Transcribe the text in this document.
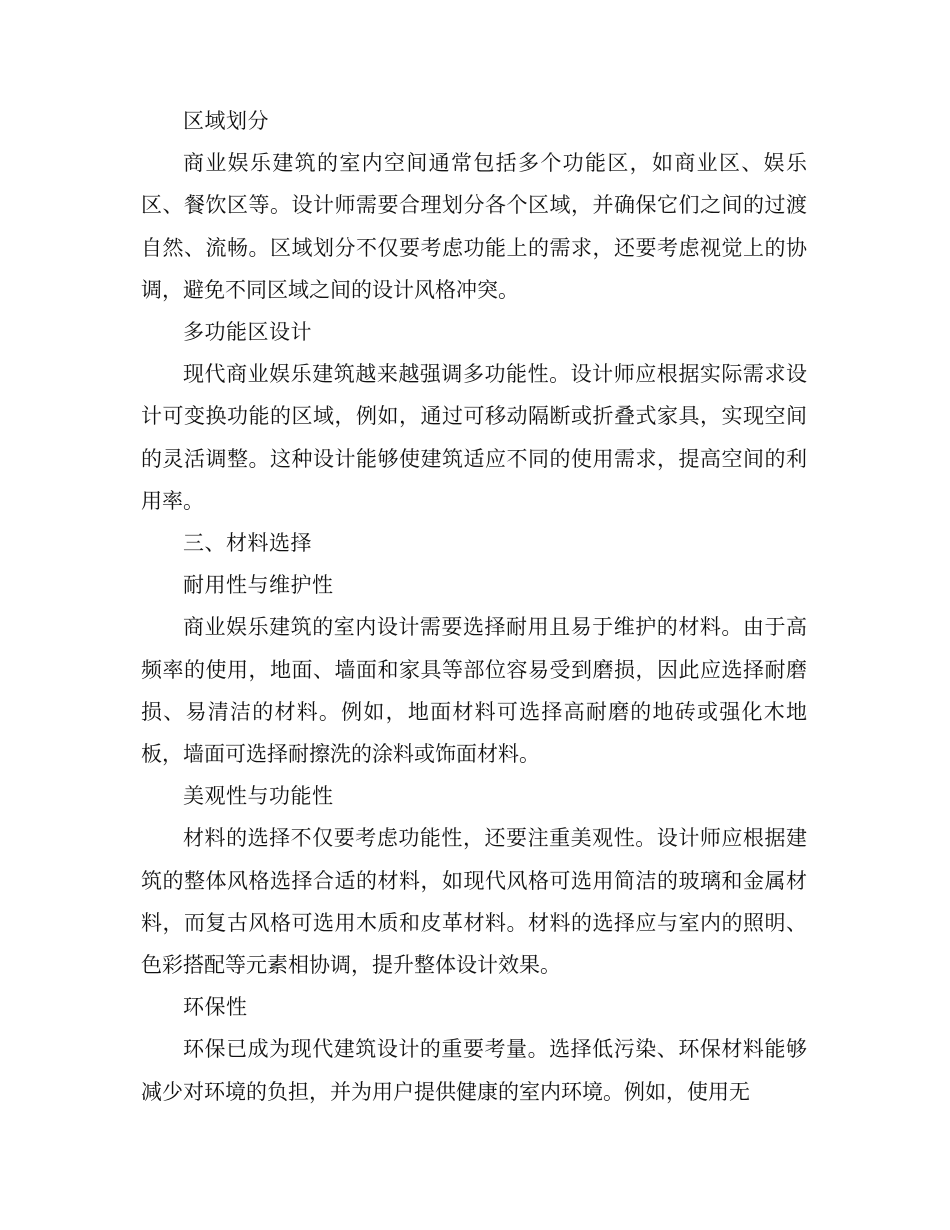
区域划分

商业娱乐建筑的室内空间通常包括多个功能区，如商业区、娱乐区、餐饮区等。设计师需要合理划分各个区域，并确保它们之间的过渡自然、流畅。区域划分不仅要考虑功能上的需求，还要考虑视觉上的协调，避免不同区域之间的设计风格冲突。

多功能区设计

现代商业娱乐建筑越来越强调多功能性。设计师应根据实际需求设计可变换功能的区域，例如，通过可移动隔断或折叠式家具，实现空间的灵活调整。这种设计能够使建筑适应不同的使用需求，提高空间的利用率。

三、材料选择

耐用性与维护性

商业娱乐建筑的室内设计需要选择耐用且易于维护的材料。由于高频率的使用，地面、墙面和家具等部位容易受到磨损，因此应选择耐磨损、易清洁的材料。例如，地面材料可选择高耐磨的地砖或强化木地板，墙面可选择耐擦洗的涂料或饰面材料。

美观性与功能性

材料的选择不仅要考虑功能性，还要注重美观性。设计师应根据建筑的整体风格选择合适的材料，如现代风格可选用简洁的玻璃和金属材料，而复古风格可选用木质和皮革材料。材料的选择应与室内的照明、色彩搭配等元素相协调，提升整体设计效果。

环保性

环保已成为现代建筑设计的重要考量。选择低污染、环保材料能够减少对环境的负担，并为用户提供健康的室内环境。例如，使用无
